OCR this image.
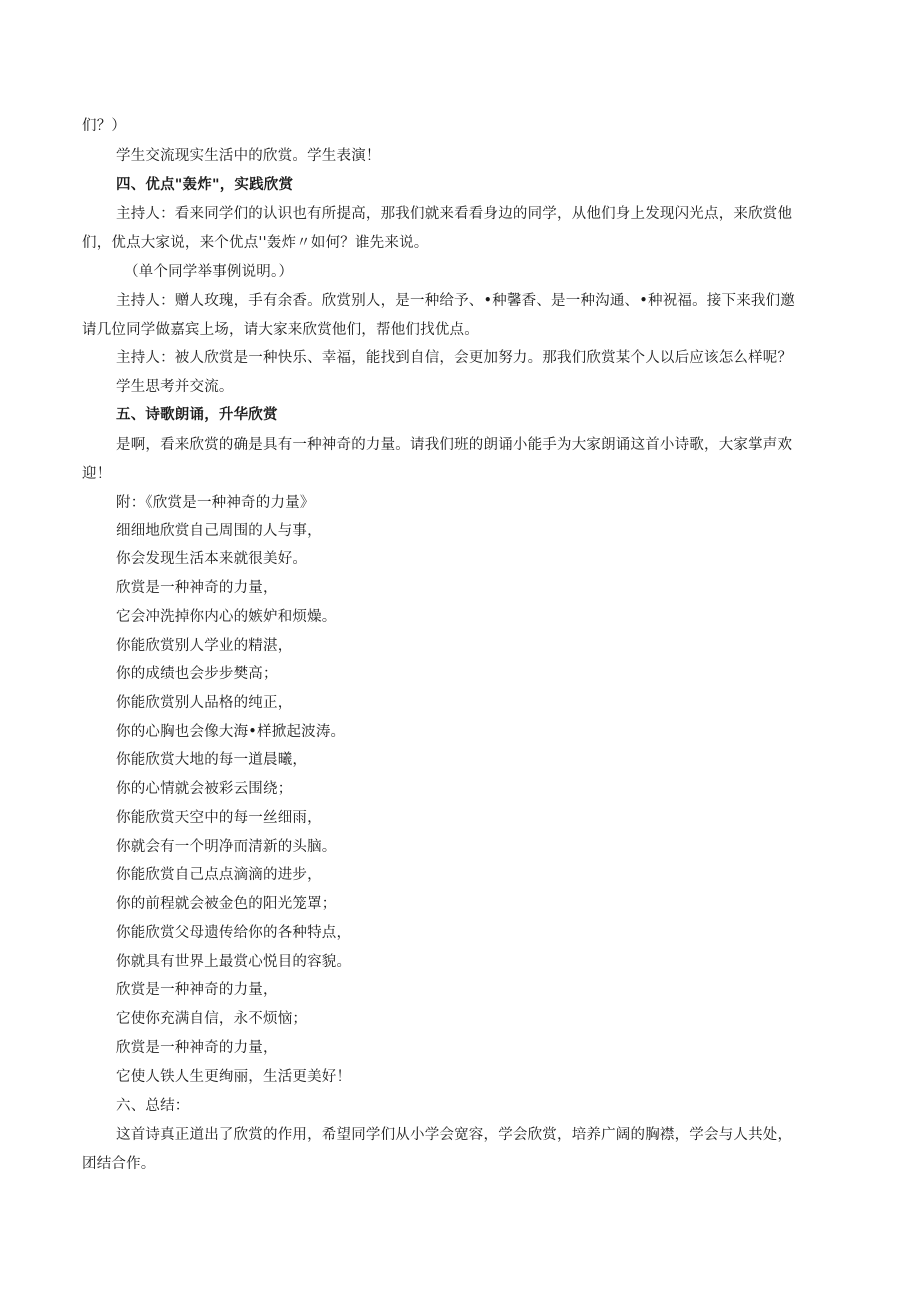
们？）
学生交流现实生活中的欣赏。学生表演！
四、优点"轰炸"，实践欣赏
主持人：看来同学们的认识也有所提高，那我们就来看看身边的同学，从他们身上发现闪光点，来欣赏他
们，优点大家说，来个优点''轰炸〃如何？谁先来说。
（单个同学举事例说明。）
主持人：赠人玫瑰，手有余香。欣赏别人，是一种给予、•种馨香、是一种沟通、•种祝福。接下来我们邀
请几位同学做嘉宾上场，请大家来欣赏他们，帮他们找优点。
主持人：被人欣赏是一种快乐、幸福，能找到自信，会更加努力。那我们欣赏某个人以后应该怎么样呢？
学生思考并交流。
五、诗歌朗诵，升华欣赏
是啊，看来欣赏的确是具有一种神奇的力量。请我们班的朗诵小能手为大家朗诵这首小诗歌，大家掌声欢
迎！
附：《欣赏是一种神奇的力量》
细细地欣赏自己周围的人与事，
你会发现生活本来就很美好。
欣赏是一种神奇的力量，
它会冲洗掉你内心的嫉妒和烦燥。
你能欣赏别人学业的精湛，
你的成绩也会步步樊高；
你能欣赏别人品格的纯正，
你的心胸也会像大海•样掀起波涛。
你能欣赏大地的每一道晨曦，
你的心情就会被彩云围绕；
你能欣赏天空中的每一丝细雨，
你就会有一个明净而清新的头脑。
你能欣赏自己点点滴滴的进步，
你的前程就会被金色的阳光笼罩；
你能欣赏父母遗传给你的各种特点，
你就具有世界上最赏心悦目的容貌。
欣赏是一种神奇的力量，
它使你充满自信，永不烦恼；
欣赏是一种神奇的力量，
它使人铁人生更绚丽，生活更美好！
六、总结：
这首诗真正道出了欣赏的作用，希望同学们从小学会宽容，学会欣赏，培养广阔的胸襟，学会与人共处，
团结合作。
